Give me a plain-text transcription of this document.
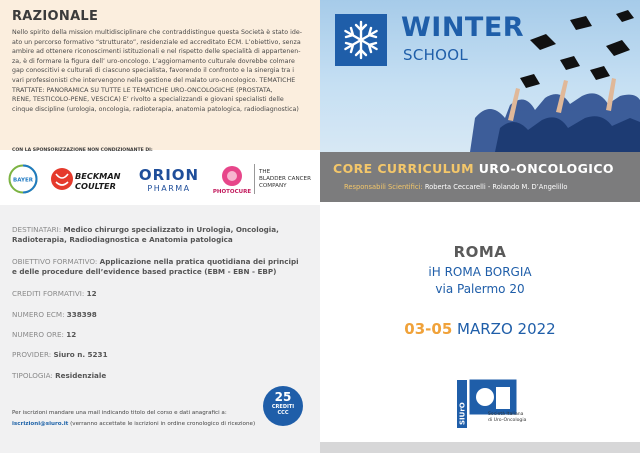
RAZIONALE
Nello spirito della mission multidisciplinare che contraddistingue questa Società è stato ide-
ato un percorso formativo “strutturato”, residenziale ed accreditato ECM. L’obiettivo, senza
ambire ad ottenere riconoscimenti istituzionali e nel rispetto delle specialità di appartenen-
za, è di formare la figura dell’ uro-oncologo. L’aggiornamento culturale dovrebbe colmare
gap conoscitivi e culturali di ciascuno specialista, favorendo il confronto e la sinergia tra i
vari professionisti che intervengono nella gestione del malato uro-oncologico. TEMATICHE
TRATTATE: PANORAMICA SU TUTTE LE TEMATICHE URO-ONCOLOGICHE (PROSTATA,
RENE, TESTICOLO-PENE, VESCICA) E’ rivolto a specializzandi e giovani specialisti delle
cinque discipline (urologia, oncologia, radioterapia, anatomia patologica, radiodiagnostica)
CON LA SPONSORIZZAZIONE NON CONDIZIONANTE DI:
BAYER	BECKMAN
COULTER
ORION
PHARMA	PHOTOCURE
THE
BLADDER CANCER
COMPANY
DESTINATARI: Medico chirurgo specializzato in Urologia, Oncologia,
Radioterapia, Radiodiagnostica e Anatomia patologica
OBIETTIVO FORMATIVO: Applicazione nella pratica quotidiana dei principi
e delle procedure dell’evidence based practice (EBM - EBN - EBP)
CREDITI FORMATIVI: 12
NUMERO ECM: 338398
NUMERO ORE: 12
PROVIDER: Siuro n. 5231
TIPOLOGIA: Residenziale
Per iscrizioni mandare una mail indicando titolo del corso e dati anagrafici a:
iscrizioni@siuro.it (verranno accettate le iscrizioni in ordine cronologico di ricezione)
25
CREDITI
CCC
WINTER
SCHOOL
CORE CURRICULUM URO-ONCOLOGICO
Responsabili Scientifici: Roberta Ceccarelli - Rolando M. D’Angelillo
ROMA
iH ROMA BORGIA
via Palermo 20
03-05 MARZO 2022
SIUrO	Società Italiana
di Uro-Oncologia
